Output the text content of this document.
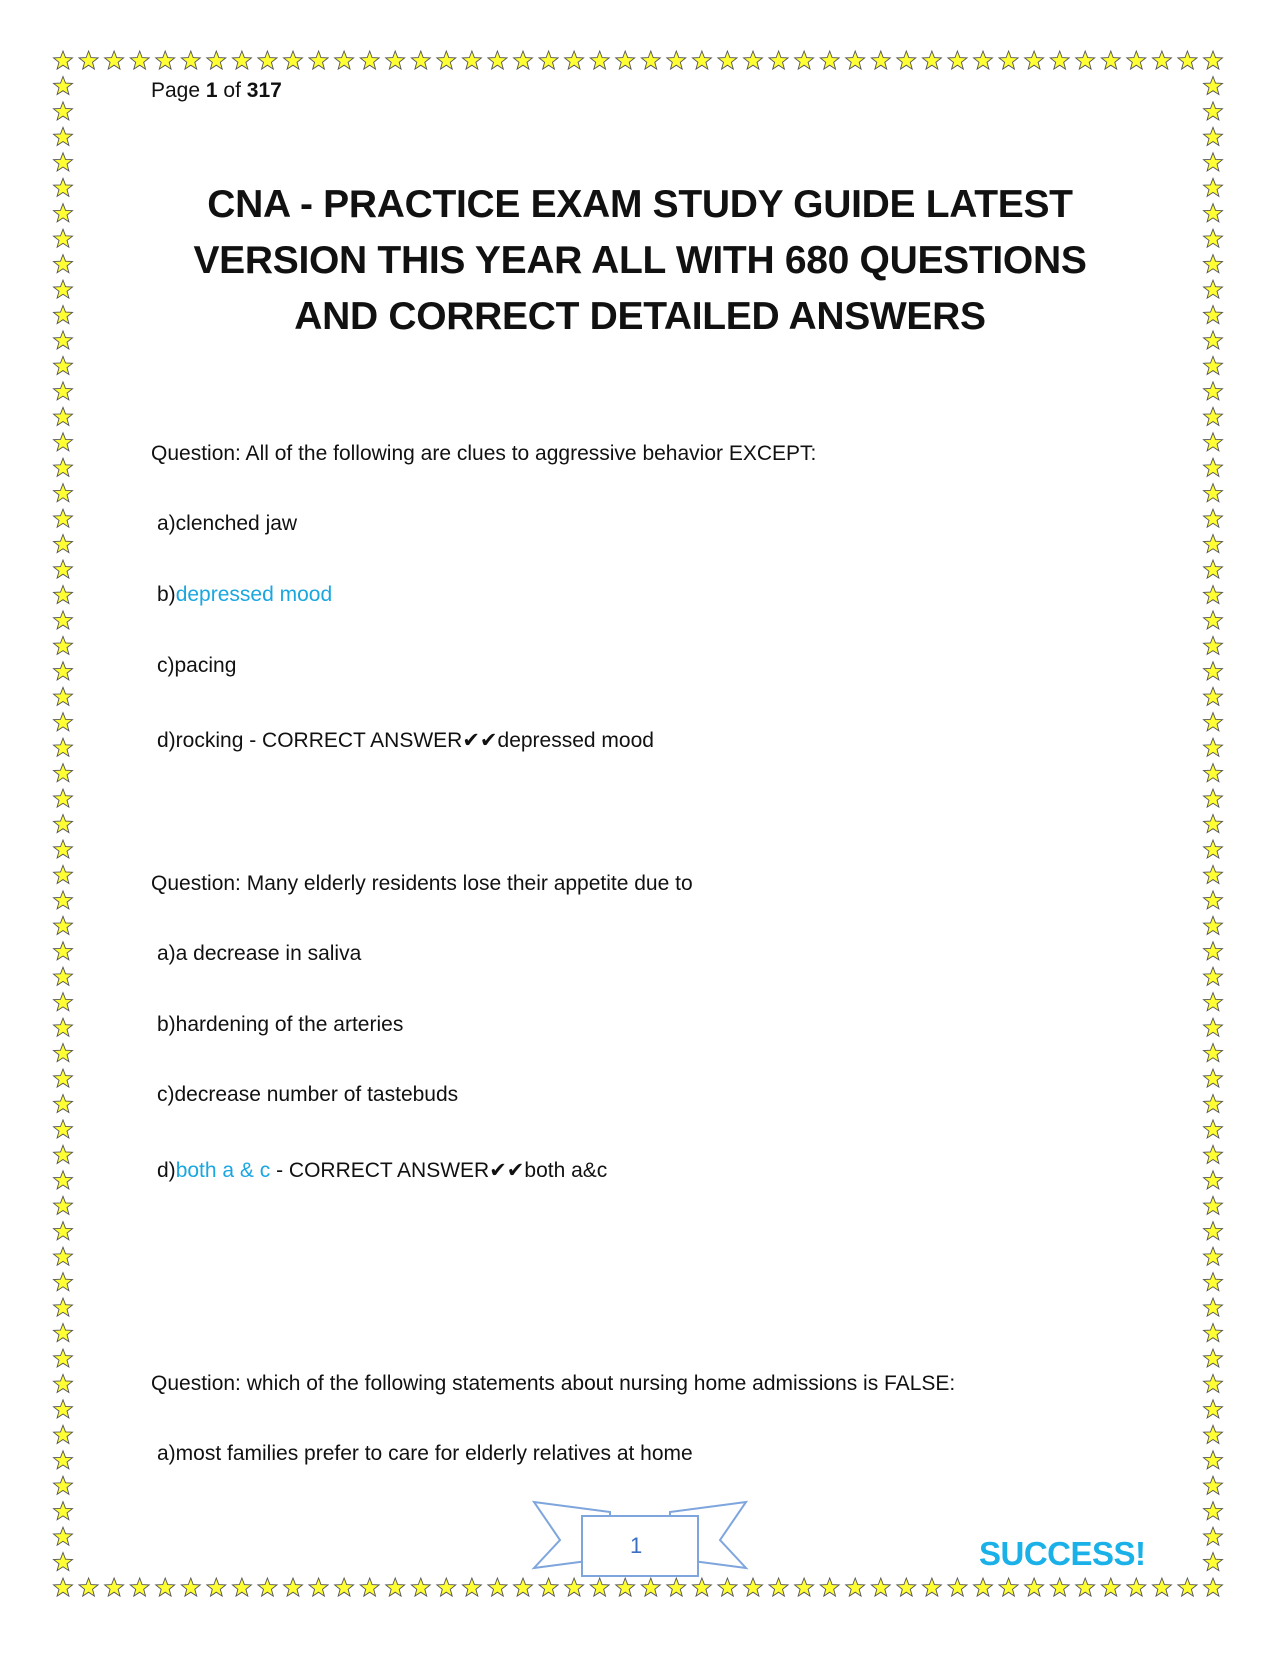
Page 1 of 317
CNA - PRACTICE EXAM STUDY GUIDE LATEST
VERSION THIS YEAR ALL WITH 680 QUESTIONS
AND CORRECT DETAILED ANSWERS
Question: All of the following are clues to aggressive behavior EXCEPT:
a)clenched jaw
b)depressed mood
c)pacing
d)rocking - CORRECT ANSWER✔✔depressed mood
Question: Many elderly residents lose their appetite due to
a)a decrease in saliva
b)hardening of the arteries
c)decrease number of tastebuds
d)both a & c - CORRECT ANSWER✔✔both a&c
Question: which of the following statements about nursing home admissions is FALSE:
a)most families prefer to care for elderly relatives at home
1	SUCCESS!
